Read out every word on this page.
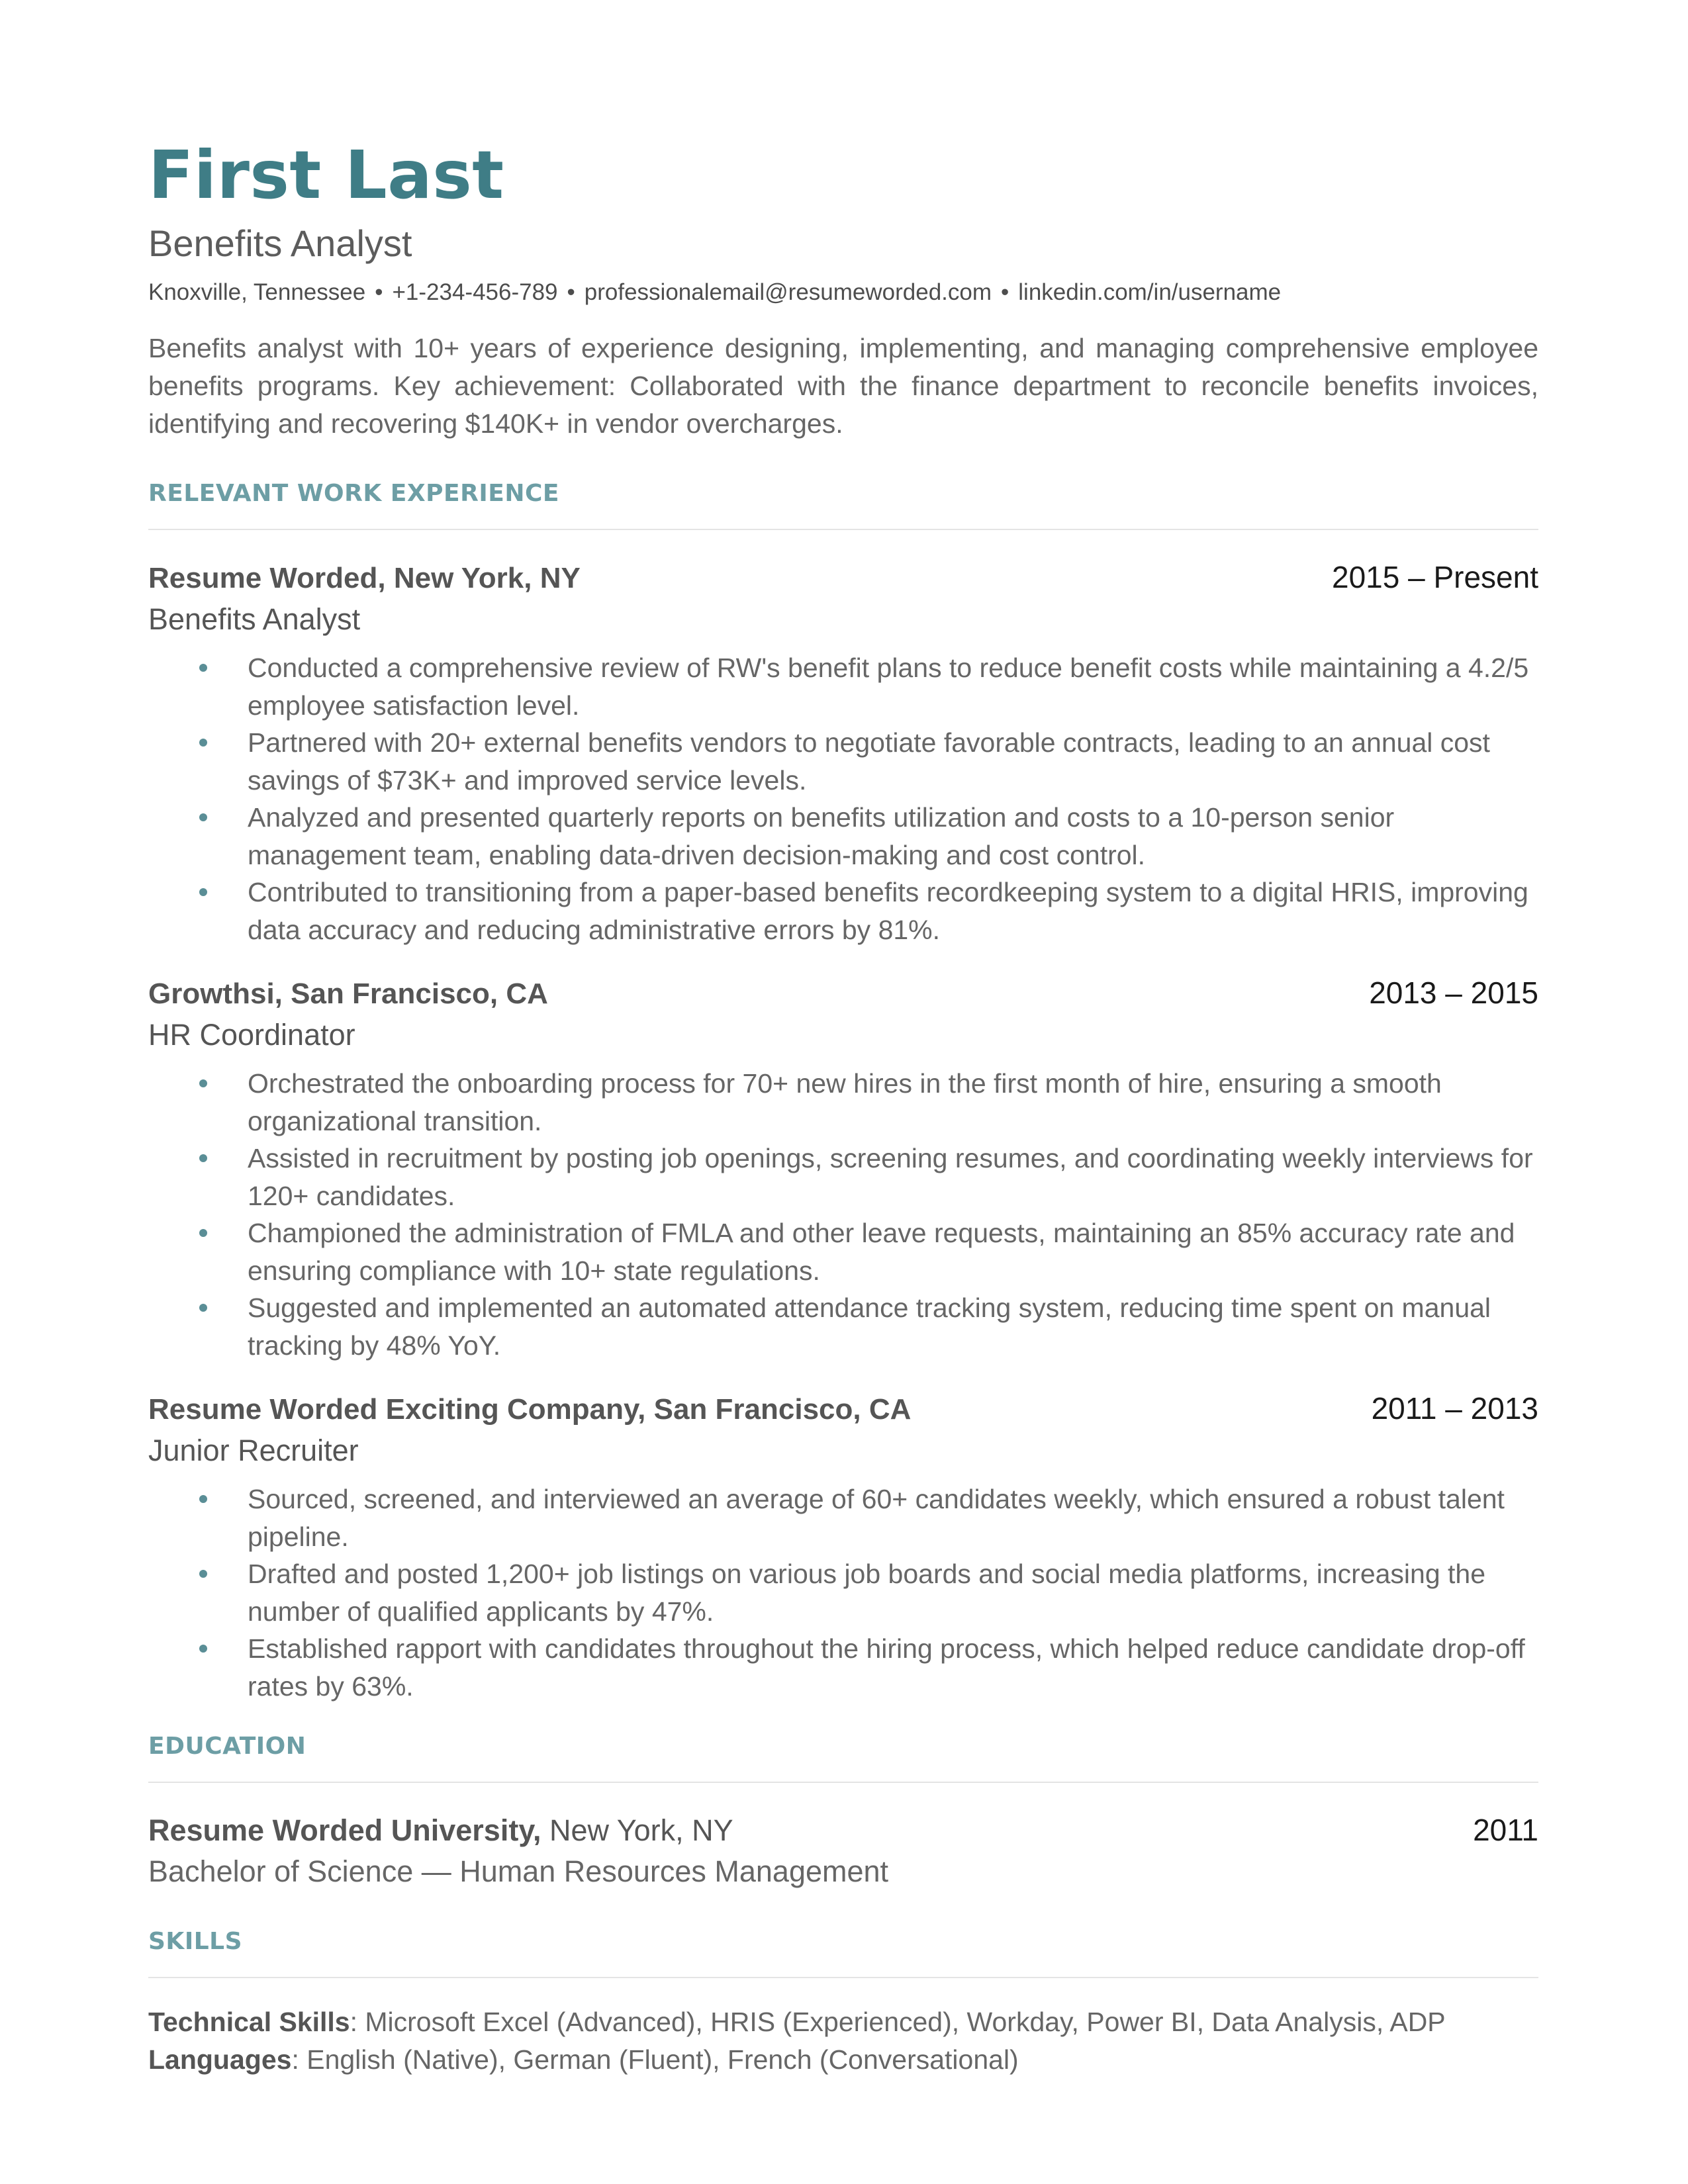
First Last
Benefits Analyst
Knoxville, Tennessee • +1-234-456-789 • professionalemail@resumeworded.com • linkedin.com/in/username

Benefits analyst with 10+ years of experience designing, implementing, and managing comprehensive employee benefits programs. Key achievement: Collaborated with the finance department to reconcile benefits invoices, identifying and recovering $140K+ in vendor overcharges.

RELEVANT WORK EXPERIENCE
Resume Worded, New York, NY	2015 – Present
Benefits Analyst
Conducted a comprehensive review of RW's benefit plans to reduce benefit costs while maintaining a 4.2/5 employee satisfaction level.
Partnered with 20+ external benefits vendors to negotiate favorable contracts, leading to an annual cost savings of $73K+ and improved service levels.
Analyzed and presented quarterly reports on benefits utilization and costs to a 10-person senior management team, enabling data-driven decision-making and cost control.
Contributed to transitioning from a paper-based benefits recordkeeping system to a digital HRIS, improving data accuracy and reducing administrative errors by 81%.
Growthsi, San Francisco, CA	2013 – 2015
HR Coordinator
Orchestrated the onboarding process for 70+ new hires in the first month of hire, ensuring a smooth organizational transition.
Assisted in recruitment by posting job openings, screening resumes, and coordinating weekly interviews for 120+ candidates.
Championed the administration of FMLA and other leave requests, maintaining an 85% accuracy rate and ensuring compliance with 10+ state regulations.
Suggested and implemented an automated attendance tracking system, reducing time spent on manual tracking by 48% YoY.
Resume Worded Exciting Company, San Francisco, CA	2011 – 2013
Junior Recruiter
Sourced, screened, and interviewed an average of 60+ candidates weekly, which ensured a robust talent pipeline.
Drafted and posted 1,200+ job listings on various job boards and social media platforms, increasing the number of qualified applicants by 47%.
Established rapport with candidates throughout the hiring process, which helped reduce candidate drop-off rates by 63%.
EDUCATION
Resume Worded University, New York, NY	2011
Bachelor of Science — Human Resources Management
SKILLS
Technical Skills: Microsoft Excel (Advanced), HRIS (Experienced), Workday, Power BI, Data Analysis, ADP
Languages: English (Native), German (Fluent), French (Conversational)
